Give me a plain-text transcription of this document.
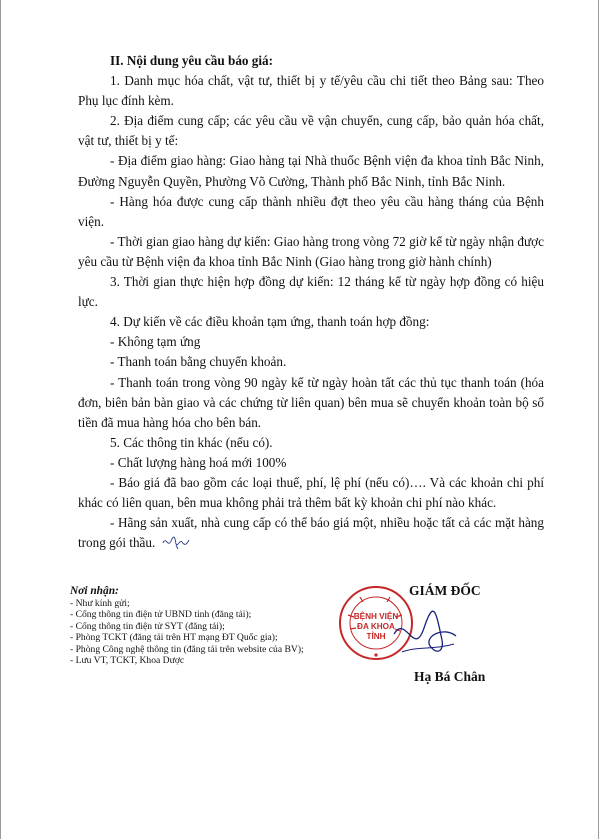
II. Nội dung yêu cầu báo giá:

1. Danh mục hóa chất, vật tư, thiết bị y tế/yêu cầu chi tiết theo Bảng sau: Theo Phụ lục đính kèm.

2. Địa điểm cung cấp; các yêu cầu về vận chuyển, cung cấp, bảo quản hóa chất, vật tư, thiết bị y tế:

- Địa điểm giao hàng: Giao hàng tại Nhà thuốc Bệnh viện đa khoa tỉnh Bắc Ninh, Đường Nguyễn Quyền, Phường Võ Cường, Thành phố Bắc Ninh, tỉnh Bắc Ninh.

- Hàng hóa được cung cấp thành nhiều đợt theo yêu cầu hàng tháng của Bệnh viện.

- Thời gian giao hàng dự kiến: Giao hàng trong vòng 72 giờ kể từ ngày nhận được yêu cầu từ Bệnh viện đa khoa tỉnh Bắc Ninh (Giao hàng trong giờ hành chính)

3. Thời gian thực hiện hợp đồng dự kiến: 12 tháng kể từ ngày hợp đồng có hiệu lực.

4. Dự kiến về các điều khoản tạm ứng, thanh toán hợp đồng:

- Không tạm ứng

- Thanh toán bằng chuyển khoản.

- Thanh toán trong vòng 90 ngày kể từ ngày hoàn tất các thủ tục thanh toán (hóa đơn, biên bản bàn giao và các chứng từ liên quan) bên mua sẽ chuyển khoản toàn bộ số tiền đã mua hàng hóa cho bên bán.

5. Các thông tin khác (nếu có).

- Chất lượng hàng hoá mới 100%

- Báo giá đã bao gồm các loại thuế, phí, lệ phí (nếu có)…. Và các khoản chi phí khác có liên quan, bên mua không phải trả thêm bất kỳ khoản chi phí nào khác.

- Hãng sản xuất, nhà cung cấp có thể báo giá một, nhiều hoặc tất cả các mặt hàng trong gói thầu.

Nơi nhận:
- Như kính gửi;
- Cổng thông tin điện tử UBND tỉnh (đăng tải);
- Cổng thông tin điện tử SYT (đăng tải);
- Phòng TCKT (đăng tải trên HT mạng ĐT Quốc gia);
- Phòng Công nghệ thông tin (đăng tải trên website của BV);
- Lưu VT, TCKT, Khoa Dược
GIÁM ĐỐC
BỆNH VIỆN
ĐA KHOA
TỈNH
Hạ Bá Chân
